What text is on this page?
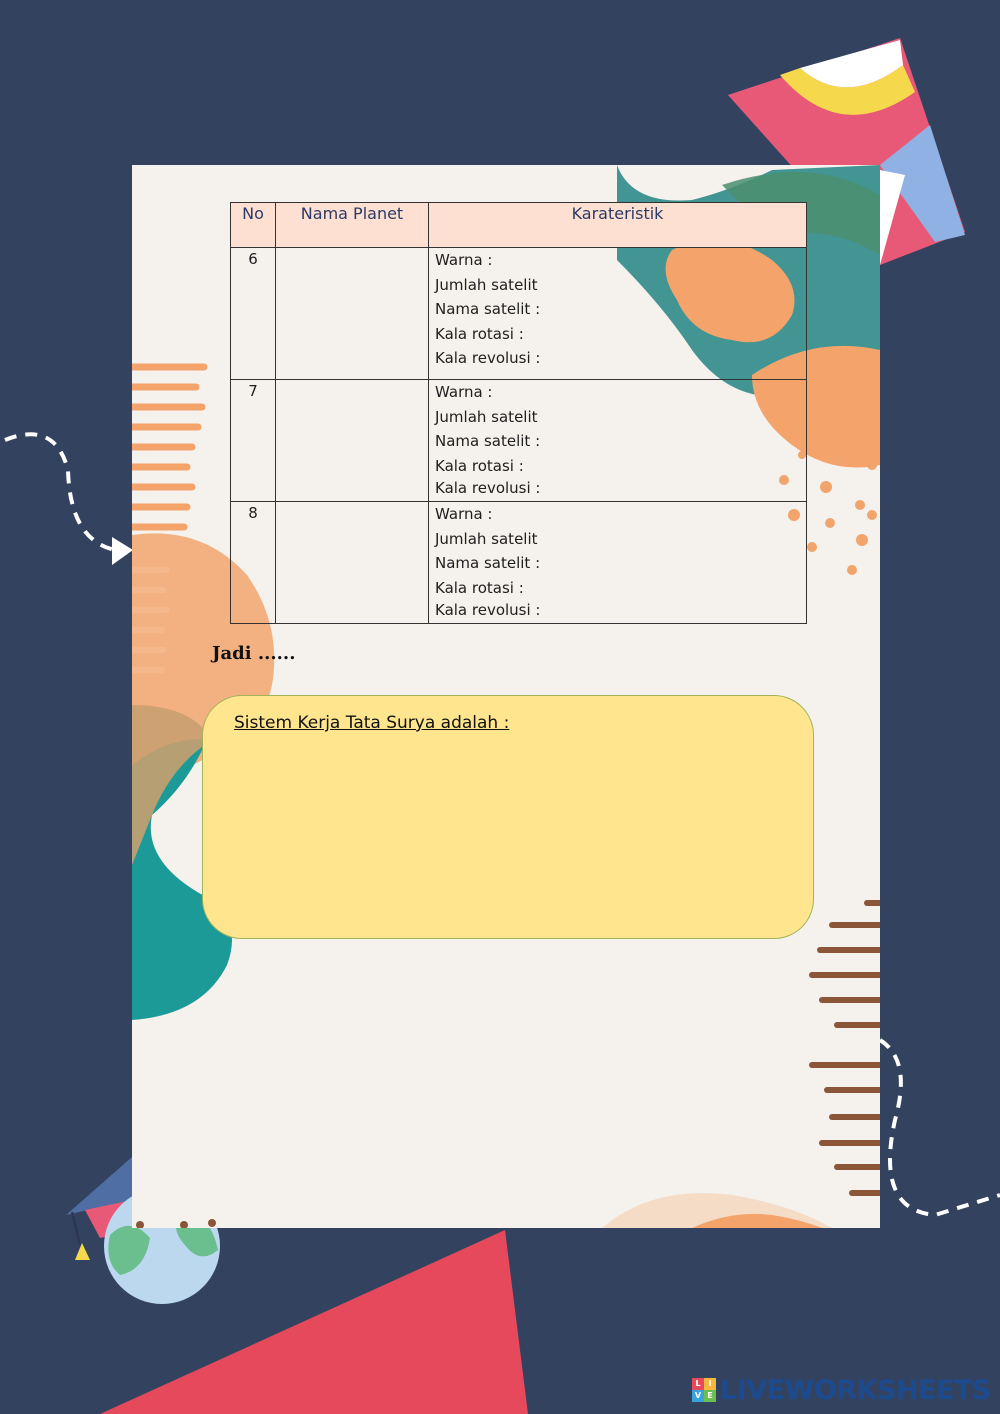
No	Nama Planet	Karateristik
6		Warna :
Jumlah satelit
Nama satelit :
Kala rotasi :
Kala revolusi :

7		Warna :
Jumlah satelit
Nama satelit :
Kala rotasi :
Kala revolusi :

8		Warna :
Jumlah satelit
Nama satelit :
Kala rotasi :
Kala revolusi :
Jadi ......
Sistem Kerja Tata Surya adalah :
L I
V E LIVEWORKSHEETS
